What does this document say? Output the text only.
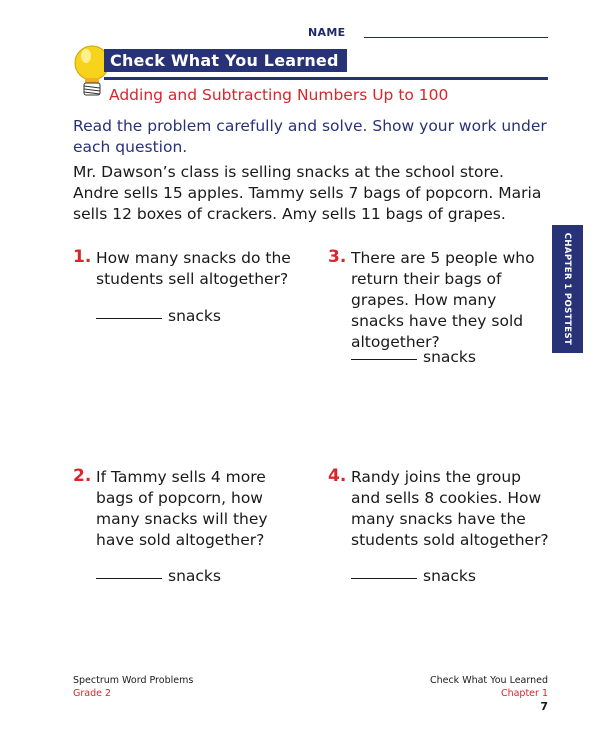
NAME
Check What You Learned
Adding and Subtracting Numbers Up to 100
Read the problem carefully and solve. Show your work under each question.
Mr. Dawson’s class is selling snacks at the school store. Andre sells 15 apples. Tammy sells 7 bags of popcorn. Maria sells 12 boxes of crackers. Amy sells 11 bags of grapes.
CHAPTER 1 POSTTEST
1. How many snacks do the students sell altogether?
snacks
3. There are 5 people who return their bags of grapes. How many snacks have they sold altogether?
snacks
2. If Tammy sells 4 more bags of popcorn, how many snacks will they have sold altogether?
snacks
4. Randy joins the group and sells 8 cookies. How many snacks have the students sold altogether?
snacks
Spectrum Word Problems
Grade 2
Check What You Learned
Chapter 1
7
